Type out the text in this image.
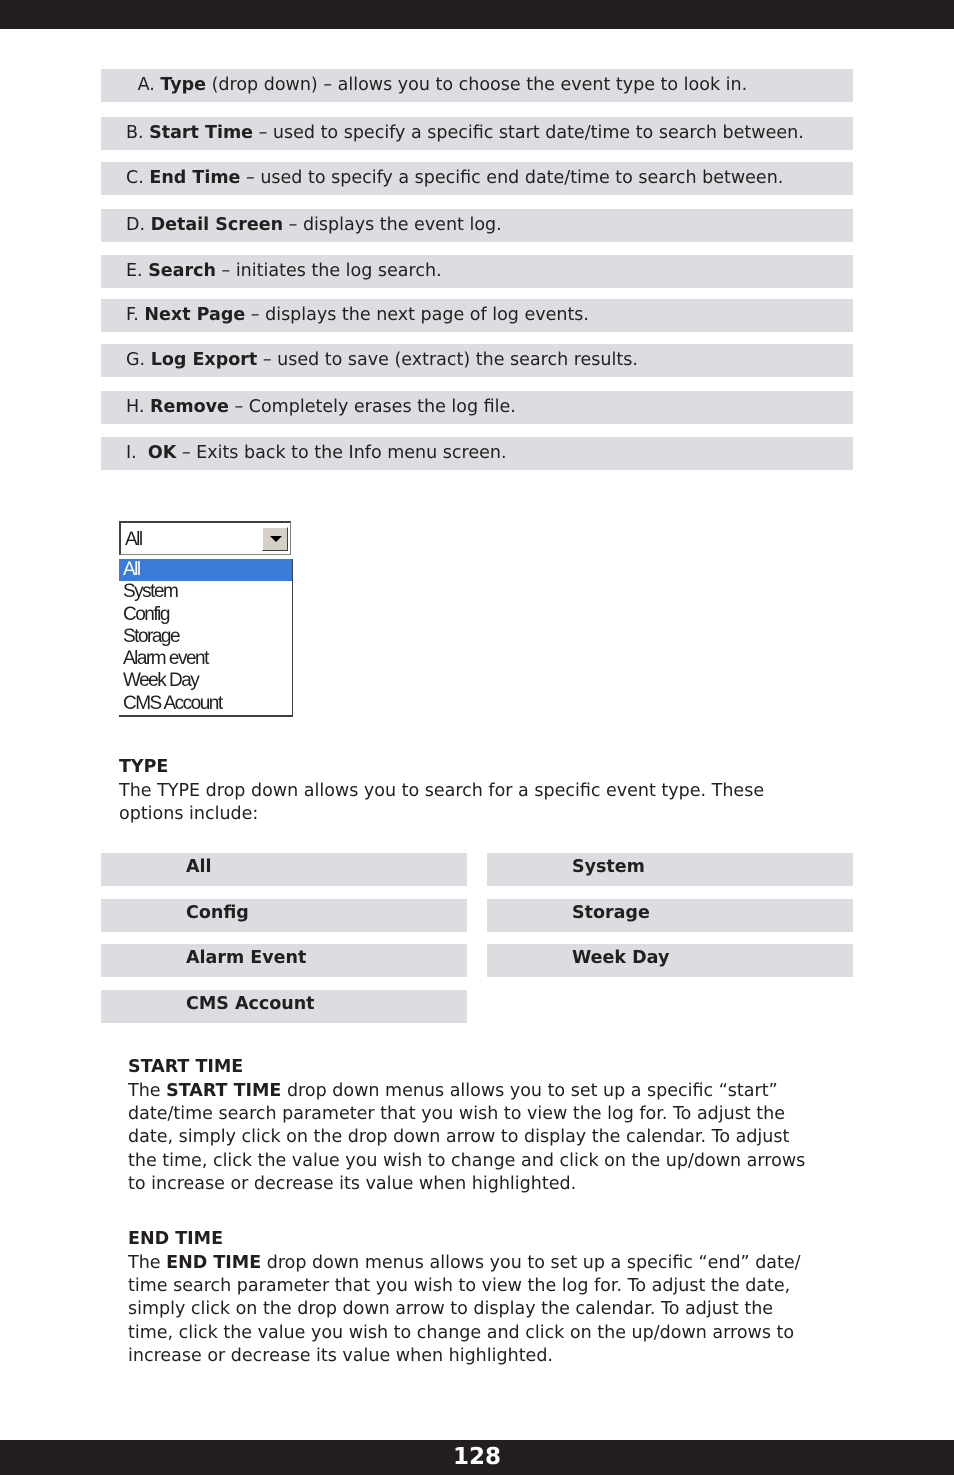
A. Type (drop down) – allows you to choose the event type to look in.
B. Start Time – used to specify a specific start date/time to search between.
C. End Time – used to specify a specific end date/time to search between.
D. Detail Screen – displays the event log.
E. Search – initiates the log search.
F. Next Page – displays the next page of log events.
G. Log Export – used to save (extract) the search results.
H. Remove – Completely erases the log file.
I.  OK – Exits back to the Info menu screen.
All
All
System
Config
Storage
Alarm event
Week Day
CMS Account
TYPE
The TYPE drop down allows you to search for a specific event type. These
options include:
All	System
Config	Storage
Alarm Event	Week Day
CMS Account
START TIME
The START TIME drop down menus allows you to set up a specific “start”
date/time search parameter that you wish to view the log for. To adjust the
date, simply click on the drop down arrow to display the calendar. To adjust
the time, click the value you wish to change and click on the up/down arrows
to increase or decrease its value when highlighted.
END TIME
The END TIME drop down menus allows you to set up a specific “end” date/
time search parameter that you wish to view the log for. To adjust the date,
simply click on the drop down arrow to display the calendar. To adjust the
time, click the value you wish to change and click on the up/down arrows to
increase or decrease its value when highlighted.
128
